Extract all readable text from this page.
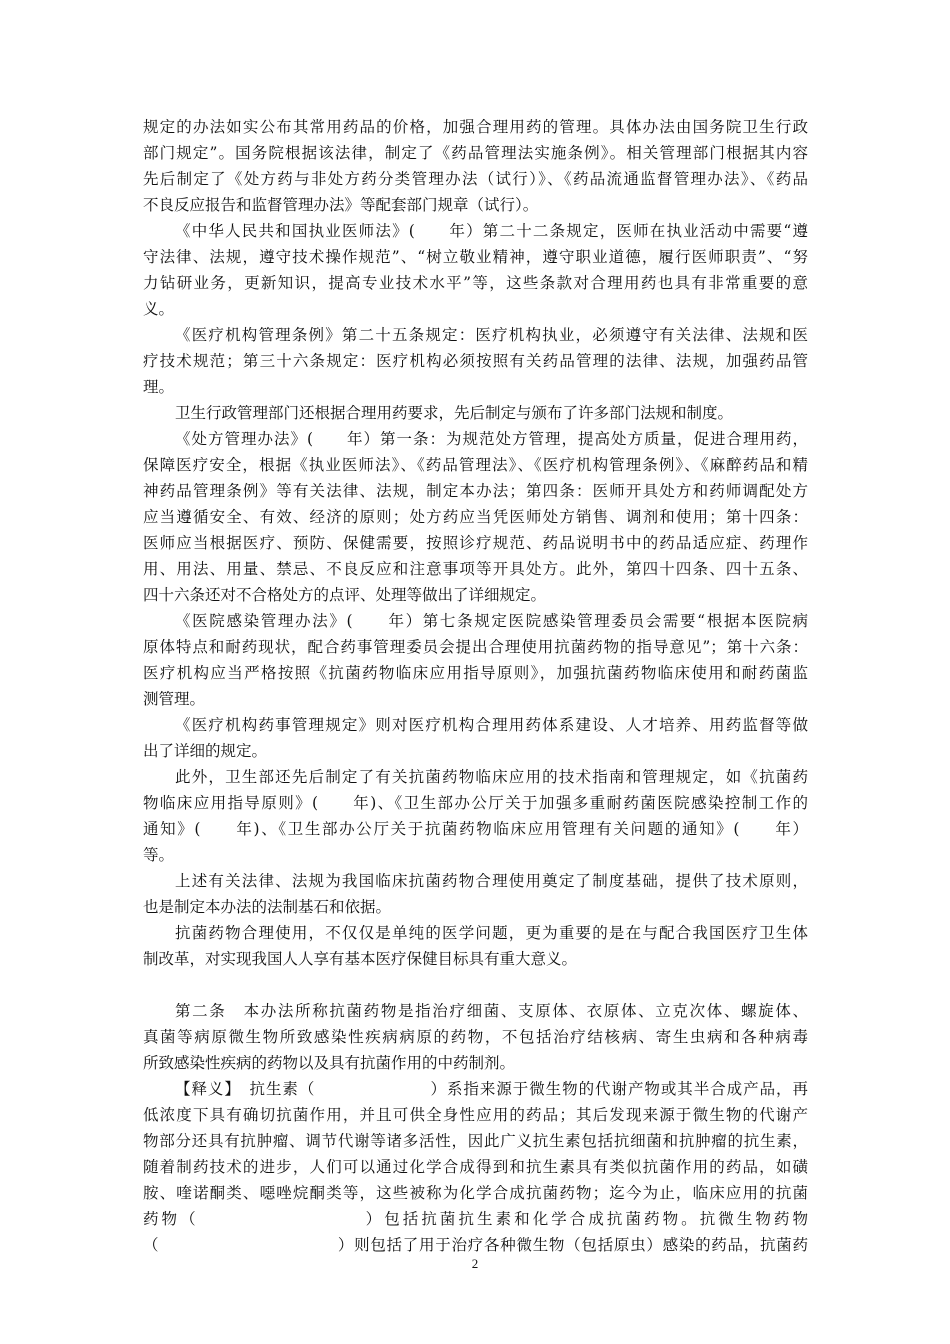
规定的办法如实公布其常用药品的价格，加强合理用药的管理。具体办法由国务院卫生行政
部门规定”。国务院根据该法律，制定了《药品管理法实施条例》。相关管理部门根据其内容
先后制定了《处方药与非处方药分类管理办法（试行）》、《药品流通监督管理办法》、《药品
不良反应报告和监督管理办法》等配套部门规章（试行）。
《中华人民共和国执业医师法》(　　年）第二十二条规定，医师在执业活动中需要“遵
守法律、法规，遵守技术操作规范”、“树立敬业精神，遵守职业道德，履行医师职责”、“努
力钻研业务，更新知识，提高专业技术水平”等，这些条款对合理用药也具有非常重要的意
义。
《医疗机构管理条例》第二十五条规定：医疗机构执业，必须遵守有关法律、法规和医
疗技术规范；第三十六条规定：医疗机构必须按照有关药品管理的法律、法规，加强药品管
理。
卫生行政管理部门还根据合理用药要求，先后制定与颁布了许多部门法规和制度。
《处方管理办法》(　　年）第一条：为规范处方管理，提高处方质量，促进合理用药，
保障医疗安全，根据《执业医师法》、《药品管理法》、《医疗机构管理条例》、《麻醉药品和精
神药品管理条例》等有关法律、法规，制定本办法；第四条：医师开具处方和药师调配处方
应当遵循安全、有效、经济的原则；处方药应当凭医师处方销售、调剂和使用；第十四条：
医师应当根据医疗、预防、保健需要，按照诊疗规范、药品说明书中的药品适应症、药理作
用、用法、用量、禁忌、不良反应和注意事项等开具处方。此外，第四十四条、四十五条、
四十六条还对不合格处方的点评、处理等做出了详细规定。
《医院感染管理办法》(　　年）第七条规定医院感染管理委员会需要“根据本医院病
原体特点和耐药现状，配合药事管理委员会提出合理使用抗菌药物的指导意见”；第十六条：
医疗机构应当严格按照《抗菌药物临床应用指导原则》，加强抗菌药物临床使用和耐药菌监
测管理。
《医疗机构药事管理规定》则对医疗机构合理用药体系建设、人才培养、用药监督等做
出了详细的规定。
此外，卫生部还先后制定了有关抗菌药物临床应用的技术指南和管理规定，如《抗菌药
物临床应用指导原则》(　　年)、《卫生部办公厅关于加强多重耐药菌医院感染控制工作的
通知》(　　年)、《卫生部办公厅关于抗菌药物临床应用管理有关问题的通知》(　　年）
等。
上述有关法律、法规为我国临床抗菌药物合理使用奠定了制度基础，提供了技术原则，
也是制定本办法的法制基石和依据。
抗菌药物合理使用，不仅仅是单纯的医学问题，更为重要的是在与配合我国医疗卫生体
制改革，对实现我国人人享有基本医疗保健目标具有重大意义。
第二条　本办法所称抗菌药物是指治疗细菌、支原体、衣原体、立克次体、螺旋体、
真菌等病原微生物所致感染性疾病病原的药物，不包括治疗结核病、寄生虫病和各种病毒
所致感染性疾病的药物以及具有抗菌作用的中药制剂。
【释义】　抗生素（　　　　　　　）系指来源于微生物的代谢产物或其半合成产品，再
低浓度下具有确切抗菌作用，并且可供全身性应用的药品；其后发现来源于微生物的代谢产
物部分还具有抗肿瘤、调节代谢等诸多活性，因此广义抗生素包括抗细菌和抗肿瘤的抗生素，
随着制药技术的进步，人们可以通过化学合成得到和抗生素具有类似抗菌作用的药品，如磺
胺、喹诺酮类、噁唑烷酮类等，这些被称为化学合成抗菌药物；迄今为止，临床应用的抗菌
药物（　　　　　　　　　）包括抗菌抗生素和化学合成抗菌药物。抗微生物药物
（　　　　　　　　　　　）则包括了用于治疗各种微生物（包括原虫）感染的药品，抗菌药
2
